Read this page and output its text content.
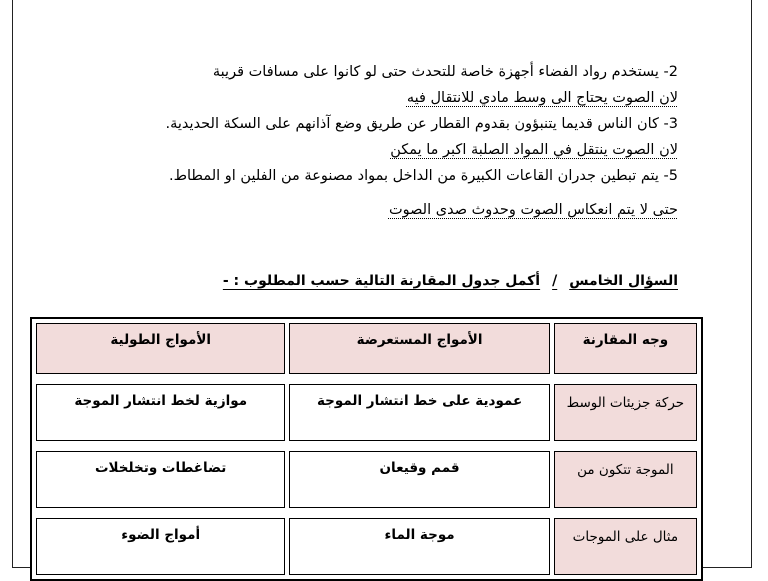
2- يستخدم رواد الفضاء أجهزة خاصة للتحدث حتى لو كانوا على مسافات قريبة
لان الصوت يحتاج الى وسط مادي للانتقال فيه
3- كان الناس قديما يتنبؤون بقدوم القطار عن طريق وضع آذانهم على السكة الحديدية.
لان الصوت ينتقل في المواد الصلبة اكبر ما يمكن
5- يتم تبطين جدران القاعات الكبيرة من الداخل بمواد مصنوعة من الفلين او المطاط.
حتى لا يتم انعكاس الصوت وحدوث صدى الصوت
السؤال الخامس/أكمل جدول المقارنة التالية حسب المطلوب : -
وجه المقارنة	الأمواج المستعرضة	الأمواج الطولية

حركة جزيئات الوسط	عمودية على خط انتشار الموجة	موازية لخط انتشار الموجة

الموجة تتكون من	قمم وقيعان	تضاغطات وتخلخلات

مثال على الموجات	موجة الماء	أمواج الضوء
